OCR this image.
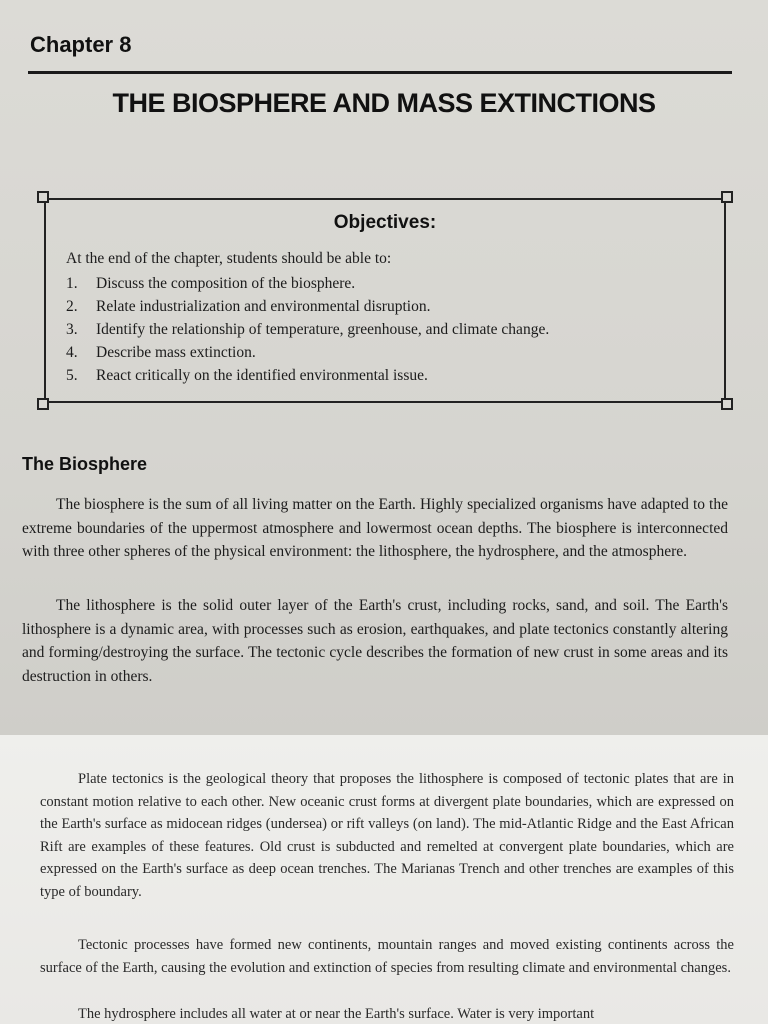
Chapter 8
THE BIOSPHERE AND MASS EXTINCTIONS
Objectives:
At the end of the chapter, students should be able to:
1. Discuss the composition of the biosphere.
2. Relate industrialization and environmental disruption.
3. Identify the relationship of temperature, greenhouse, and climate change.
4. Describe mass extinction.
5. React critically on the identified environmental issue.
The Biosphere

The biosphere is the sum of all living matter on the Earth. Highly specialized organisms have adapted to the extreme boundaries of the uppermost atmosphere and lowermost ocean depths. The biosphere is interconnected with three other spheres of the physical environment: the lithosphere, the hydrosphere, and the atmosphere.

The lithosphere is the solid outer layer of the Earth's crust, including rocks, sand, and soil. The Earth's lithosphere is a dynamic area, with processes such as erosion, earthquakes, and plate tectonics constantly altering and forming/destroying the surface. The tectonic cycle describes the formation of new crust in some areas and its destruction in others.

Plate tectonics is the geological theory that proposes the lithosphere is composed of tectonic plates that are in constant motion relative to each other. New oceanic crust forms at divergent plate boundaries, which are expressed on the Earth's surface as midocean ridges (undersea) or rift valleys (on land). The mid-Atlantic Ridge and the East African Rift are examples of these features. Old crust is subducted and remelted at convergent plate boundaries, which are expressed on the Earth's surface as deep ocean trenches. The Marianas Trench and other trenches are examples of this type of boundary.

Tectonic processes have formed new continents, mountain ranges and moved existing continents across the surface of the Earth, causing the evolution and extinction of species from resulting climate and environmental changes.

The hydrosphere includes all water at or near the Earth's surface. Water is very important
